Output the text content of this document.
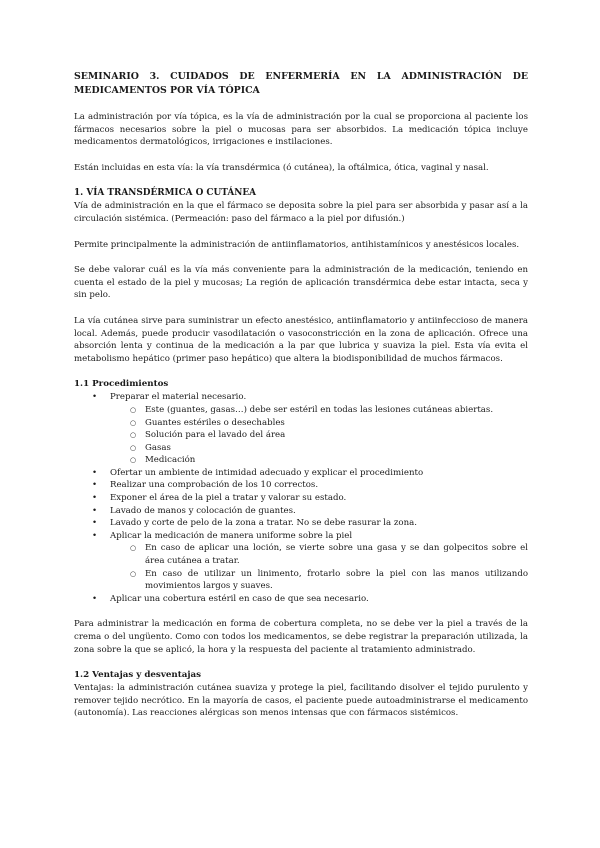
SEMINARIO 3. CUIDADOS DE ENFERMERÍA EN LA ADMINISTRACIÓN DE MEDICAMENTOS POR VÍA TÓPICA

La administración por vía tópica, es la vía de administración por la cual se proporciona al paciente los fármacos necesarios sobre la piel o mucosas para ser absorbidos. La medicación tópica incluye medicamentos dermatológicos, irrigaciones e instilaciones.

Están incluidas en esta vía: la vía transdérmica (ó cutánea), la oftálmica, ótica, vaginal y nasal.

1. VÍA TRANSDÉRMICA O CUTÁNEA

Vía de administración en la que el fármaco se deposita sobre la piel para ser absorbida y pasar así a la circulación sistémica. (Permeación: paso del fármaco a la piel por difusión.)

Permite principalmente la administración de antiinflamatorios, antihistamínicos y anestésicos locales.

Se debe valorar cuál es la vía más conveniente para la administración de la medicación, teniendo en cuenta el estado de la piel y mucosas; La región de aplicación transdérmica debe estar intacta, seca y sin pelo.

La vía cutánea sirve para suministrar un efecto anestésico, antiinflamatorio y antiinfeccioso de manera local. Además, puede producir vasodilatación o vasoconstricción en la zona de aplicación. Ofrece una absorción lenta y continua de la medicación a la par que lubrica y suaviza la piel. Esta vía evita el metabolismo hepático (primer paso hepático) que altera la biodisponibilidad de muchos fármacos.

1.1 Procedimientos
• Preparar el material necesario.
○ Este (guantes, gasas…) debe ser estéril en todas las lesiones cutáneas abiertas.
○ Guantes estériles o desechables
○ Solución para el lavado del área
○ Gasas
○ Medicación
• Ofertar un ambiente de intimidad adecuado y explicar el procedimiento
• Realizar una comprobación de los 10 correctos.
• Exponer el área de la piel a tratar y valorar su estado.
• Lavado de manos y colocación de guantes.
• Lavado y corte de pelo de la zona a tratar. No se debe rasurar la zona.
• Aplicar la medicación de manera uniforme sobre la piel
○ En caso de aplicar una loción, se vierte sobre una gasa y se dan golpecitos sobre el área cutánea a tratar.
○ En caso de utilizar un linimento, frotarlo sobre la piel con las manos utilizando movimientos largos y suaves.
• Aplicar una cobertura estéril en caso de que sea necesario.

Para administrar la medicación en forma de cobertura completa, no se debe ver la piel a través de la crema o del ungüento. Como con todos los medicamentos, se debe registrar la preparación utilizada, la zona sobre la que se aplicó, la hora y la respuesta del paciente al tratamiento administrado.

1.2 Ventajas y desventajas

Ventajas: la administración cutánea suaviza y protege la piel, facilitando disolver el tejido purulento y remover tejido necrótico. En la mayoría de casos, el paciente puede autoadministrarse el medicamento (autonomía). Las reacciones alérgicas son menos intensas que con fármacos sistémicos.
